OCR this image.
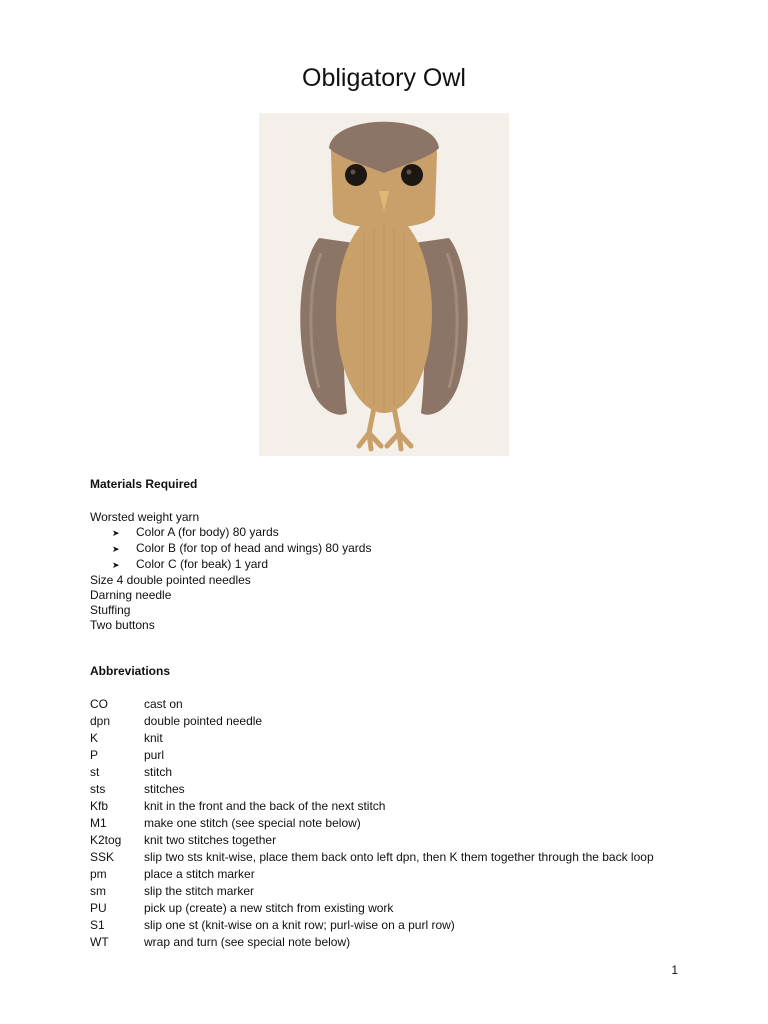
Obligatory Owl
Materials Required
Worsted weight yarn
➤ Color A (for body) 80 yards
➤ Color B (for top of head and wings) 80 yards
➤ Color C (for beak) 1 yard
Size 4 double pointed needles
Darning needle
Stuffing
Two buttons
Abbreviations
CO	cast on
dpn	double pointed needle
K	knit
P	purl
st	stitch
sts	stitches
Kfb	knit in the front and the back of the next stitch
M1	make one stitch (see special note below)
K2tog	knit two stitches together
SSK	slip two sts knit-wise, place them back onto left dpn, then K them together through the back loop
pm	place a stitch marker
sm	slip the stitch marker
PU	pick up (create) a new stitch from existing work
S1	slip one st (knit-wise on a knit row; purl-wise on a purl row)
WT	wrap and turn (see special note below)
1
